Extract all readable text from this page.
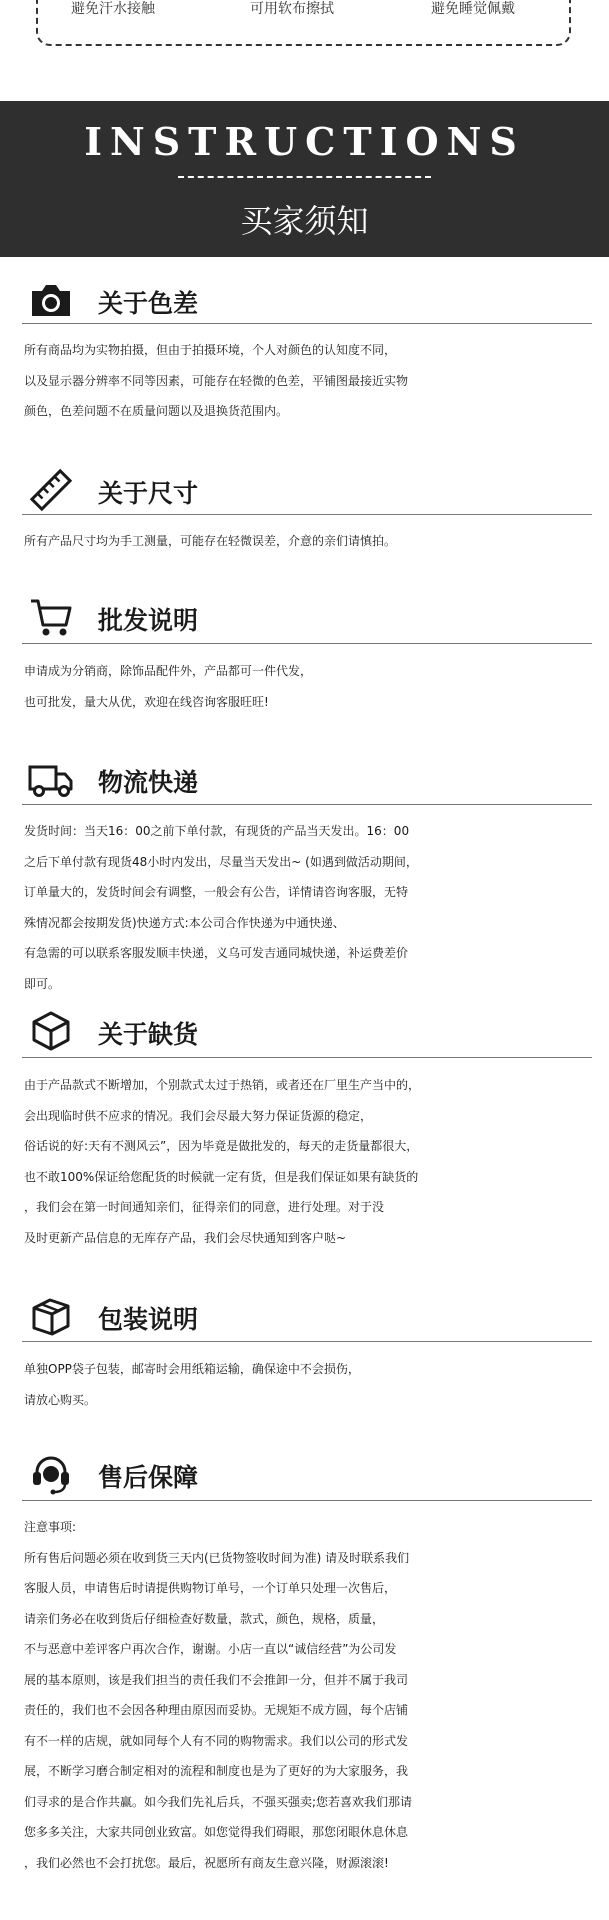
避免汗水接触	可用软布擦拭	避免睡觉佩戴
INSTRUCTIONS
买家须知
关于色差
所有商品均为实物拍摄，但由于拍摄环境，个人对颜色的认知度不同，
以及显示器分辨率不同等因素，可能存在轻微的色差，平铺图最接近实物
颜色，色差问题不在质量问题以及退换货范围内。
关于尺寸
所有产品尺寸均为手工测量，可能存在轻微误差，介意的亲们请慎拍。
批发说明
申请成为分销商，除饰品配件外，产品都可一件代发，
也可批发，量大从优，欢迎在线咨询客服旺旺!
物流快递
发货时间：当天16：00之前下单付款，有现货的产品当天发出。16：00
之后下单付款有现货48小时内发出，尽量当天发出~ (如遇到做活动期间，
订单量大的，发货时间会有调整，一般会有公告，详情请咨询客服，无特
殊情况都会按期发货)快递方式:本公司合作快递为中通快递、
有急需的可以联系客服发顺丰快递，义乌可发吉通同城快递，补运费差价
即可。
关于缺货
由于产品款式不断增加，个别款式太过于热销，或者还在厂里生产当中的，
会出现临时供不应求的情况。我们会尽最大努力保证货源的稳定，
俗话说的好:天有不测风云”，因为毕竟是做批发的，每天的走货量都很大，
也不敢100%保证给您配货的时候就一定有货，但是我们保证如果有缺货的
，我们会在第一时间通知亲们，征得亲们的同意，进行处理。对于没
及时更新产品信息的无库存产品，我们会尽快通知到客户哒~
包装说明
单独OPP袋子包装，邮寄时会用纸箱运输，确保途中不会损伤，
请放心购买。
售后保障
注意事项:
所有售后问题必须在收到货三天内(已货物签收时间为准) 请及时联系我们
客服人员，申请售后时请提供购物订单号，一个订单只处理一次售后，
请亲们务必在收到货后仔细检查好数量，款式，颜色，规格，质量，
不与恶意中差评客户再次合作，谢谢。小店一直以“诚信经营”为公司发
展的基本原则，该是我们担当的责任我们不会推卸一分，但并不属于我司
责任的，我们也不会因各种理由原因而妥协。无规矩不成方圆，每个店铺
有不一样的店规，就如同每个人有不同的购物需求。我们以公司的形式发
展，不断学习磨合制定相对的流程和制度也是为了更好的为大家服务，我
们寻求的是合作共赢。如今我们先礼后兵，不强买强卖;您若喜欢我们那请
您多多关注，大家共同创业致富。如您觉得我们碍眼，那您闭眼休息休息
，我们必然也不会打扰您。最后，祝愿所有商友生意兴隆，财源滚滚!
